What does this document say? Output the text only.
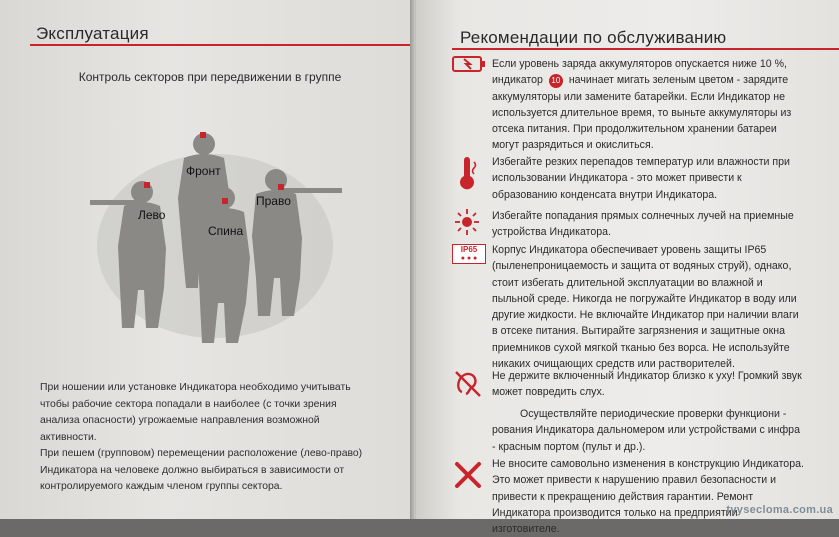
Эксплуатация
Контроль секторов при передвижении в группе
Фронт
Лево
Право
Спина

При ношении или установке Индикатора необходимо учитывать чтобы рабочие сектора попадали в наиболее (с точки зрения анализа опасности) угрожаемые направления возможной активности.

При пешем (групповом) перемещении расположение (лево-право) Индикатора на человеке должно выбираться в зависимости от контролируемого каждым членом группы сектора.

Рекомендации по обслуживанию
Если уровень заряда аккумуляторов опускается ниже 10 %, индикатор 10 начинает мигать зеленым цветом - зарядите аккумуляторы или замените батарейки. Если Индикатор не используется длительное время, то выньте аккумуляторы из отсека питания. При продолжительном хранении батареи могут разрядиться и окислиться.
Избегайте резких перепадов температур или влажности при использовании Индикатора - это может привести к образованию конденсата внутри Индикатора.
Избегайте попадания прямых солнечных лучей на приемные устройства Индикатора.
IP65
● ● ●
Корпус Индикатора обеспечивает уровень защиты IP65 (пыленепроницаемость и защита от водяных струй), однако, стоит избегать длительной эксплуатации во влажной и пыльной среде. Никогда не погружайте Индикатор в воду или другие жидкости. Не включайте Индикатор при наличии влаги в отсеке питания. Вытирайте загрязнения и защитные окна приемников сухой мягкой тканью без ворса. Не используйте никаких очищающих средств или растворителей.
Не держите включенный Индикатор близко к уху! Громкий звук может повредить слух.
Осуществляйте периодические проверки функциони - рования Индикатора дальномером или устройствами с инфра - красным портом (пульт и др.).
Не вносите самовольно изменения в конструкцию Индикатора. Это может привести к нарушению правил безопасности и привести к прекращению действия гарантии. Ремонт Индикатора производится только на предприятии изготовителе.
tvysecloma.com.ua
